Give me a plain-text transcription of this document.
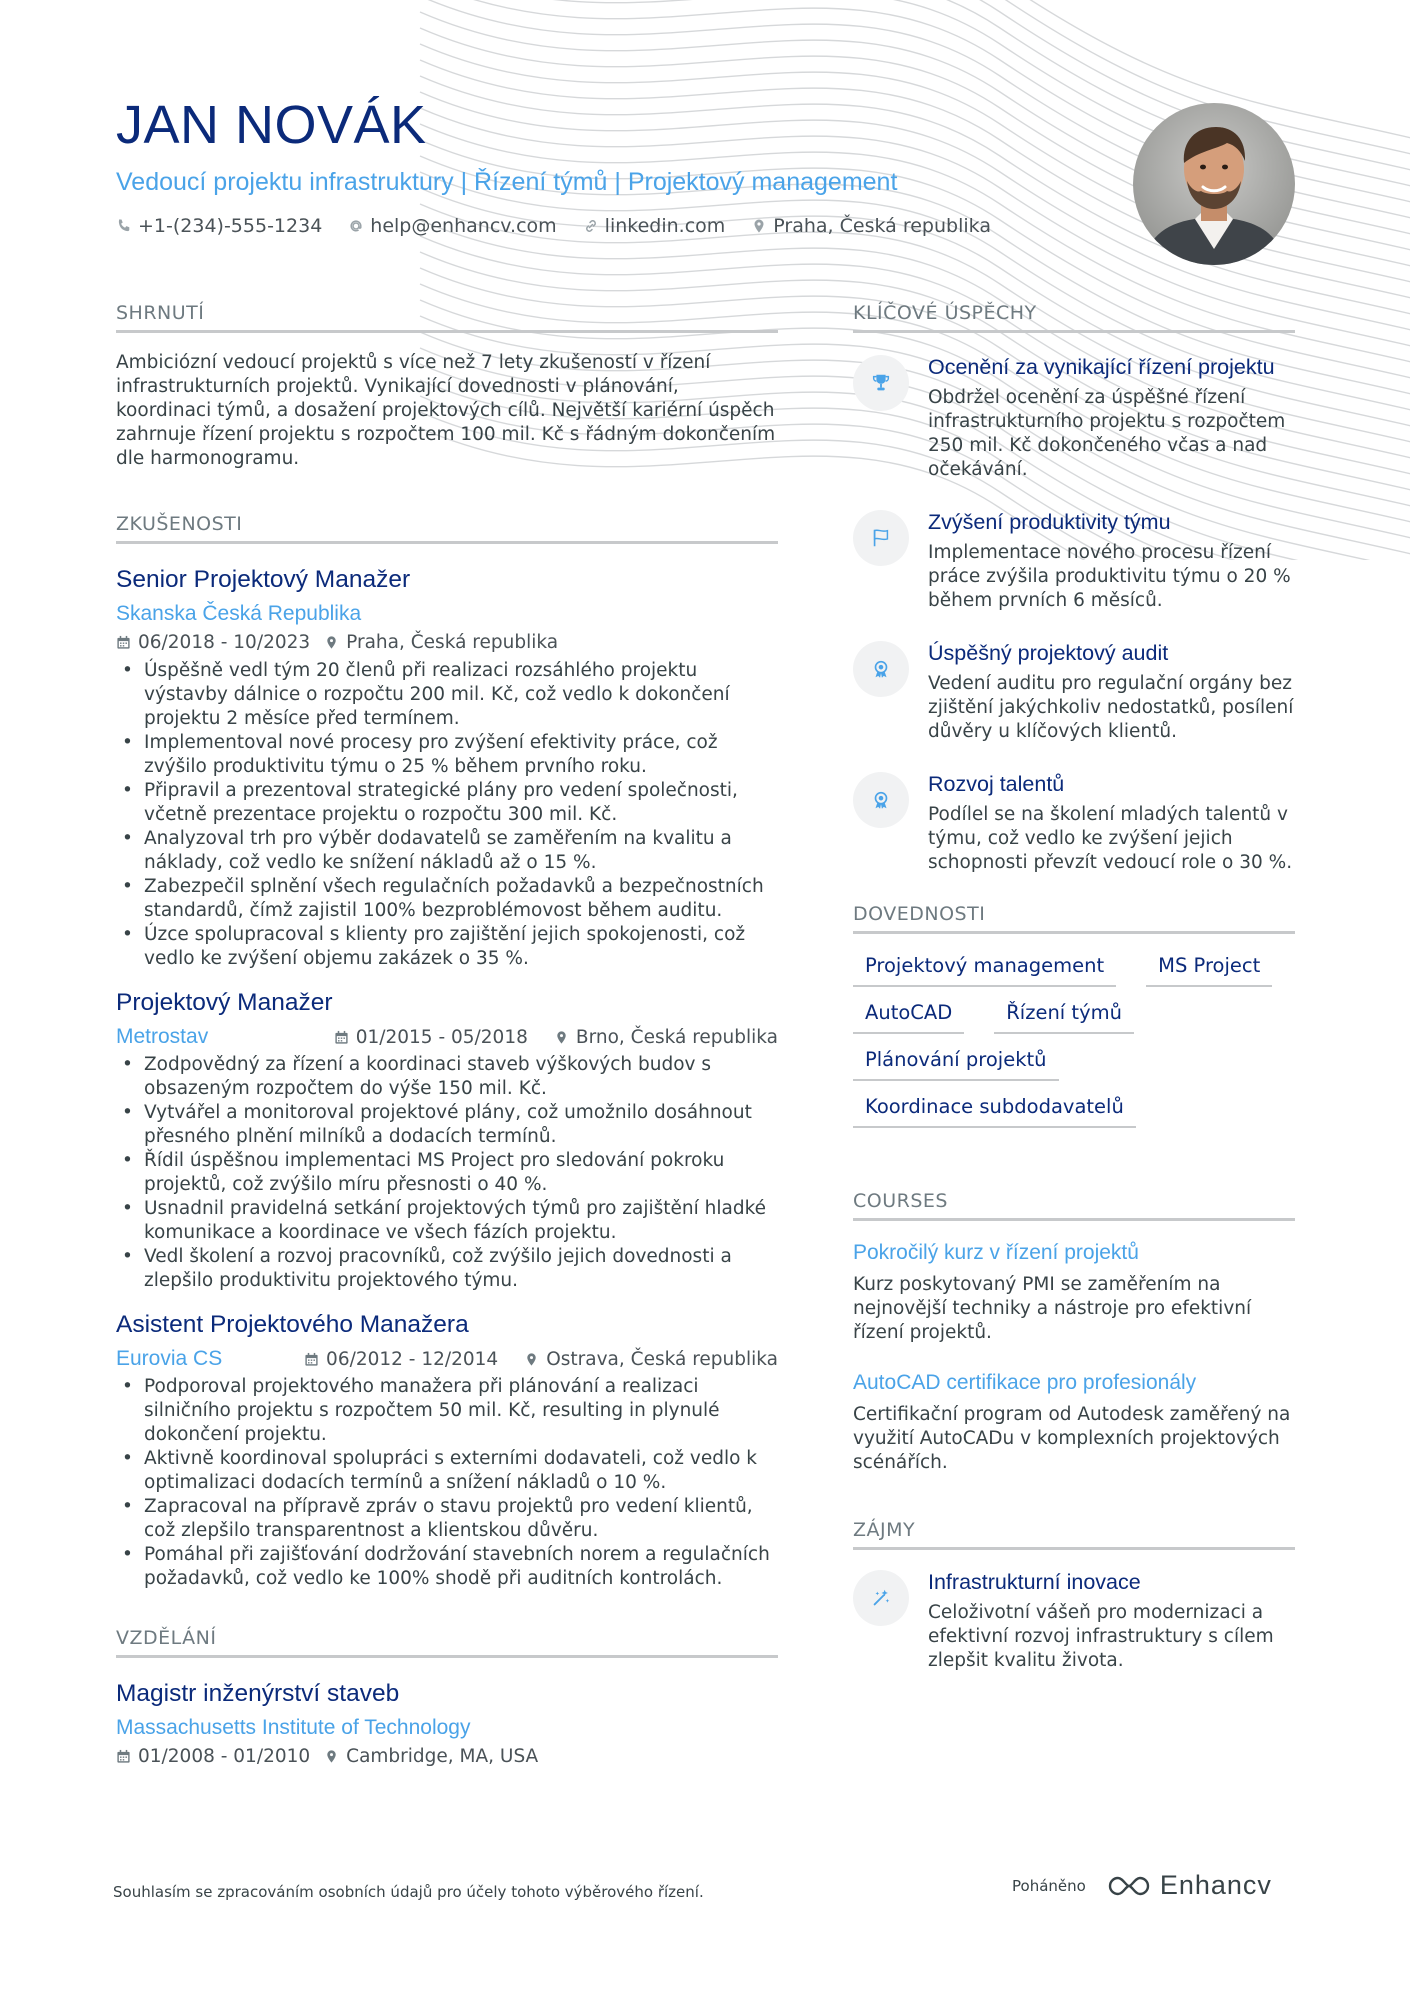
JAN NOVÁK
Vedoucí projektu infrastruktury | Řízení týmů | Projektový management
+1-(234)-555-1234	help@enhancv.com	linkedin.com	Praha, Česká republika
SHRNUTÍ
Ambiciózní vedoucí projektů s více než 7 lety zkušeností v řízení infrastrukturních projektů. Vynikající dovednosti v plánování, koordinaci týmů, a dosažení projektových cílů. Největší kariérní úspěch zahrnuje řízení projektu s rozpočtem 100 mil. Kč s řádným dokončením dle harmonogramu.
ZKUŠENOSTI
Senior Projektový Manažer
Skanska Česká Republika
06/2018 - 10/2023 Praha, Česká republika
• Úspěšně vedl tým 20 členů při realizaci rozsáhlého projektu výstavby dálnice o rozpočtu 200 mil. Kč, což vedlo k dokončení projektu 2 měsíce před termínem.
• Implementoval nové procesy pro zvýšení efektivity práce, což zvýšilo produktivitu týmu o 25 % během prvního roku.
• Připravil a prezentoval strategické plány pro vedení společnosti, včetně prezentace projektu o rozpočtu 300 mil. Kč.
• Analyzoval trh pro výběr dodavatelů se zaměřením na kvalitu a náklady, což vedlo ke snížení nákladů až o 15 %.
• Zabezpečil splnění všech regulačních požadavků a bezpečnostních standardů, čímž zajistil 100% bezproblémovost během auditu.
• Úzce spolupracoval s klienty pro zajištění jejich spokojenosti, což vedlo ke zvýšení objemu zakázek o 35 %.
Projektový Manažer
Metrostav	01/2015 - 05/2018	Brno, Česká republika
• Zodpovědný za řízení a koordinaci staveb výškových budov s obsazeným rozpočtem do výše 150 mil. Kč.
• Vytvářel a monitoroval projektové plány, což umožnilo dosáhnout přesného plnění milníků a dodacích termínů.
• Řídil úspěšnou implementaci MS Project pro sledování pokroku projektů, což zvýšilo míru přesnosti o 40 %.
• Usnadnil pravidelná setkání projektových týmů pro zajištění hladké komunikace a koordinace ve všech fázích projektu.
• Vedl školení a rozvoj pracovníků, což zvýšilo jejich dovednosti a zlepšilo produktivitu projektového týmu.
Asistent Projektového Manažera
Eurovia CS	06/2012 - 12/2014	Ostrava, Česká republika
• Podporoval projektového manažera při plánování a realizaci silničního projektu s rozpočtem 50 mil. Kč, resulting in plynulé dokončení projektu.
• Aktivně koordinoval spolupráci s externími dodavateli, což vedlo k optimalizaci dodacích termínů a snížení nákladů o 10 %.
• Zapracoval na přípravě zpráv o stavu projektů pro vedení klientů, což zlepšilo transparentnost a klientskou důvěru.
• Pomáhal při zajišťování dodržování stavebních norem a regulačních požadavků, což vedlo ke 100% shodě při auditních kontrolách.
VZDĚLÁNÍ
Magistr inženýrství staveb
Massachusetts Institute of Technology
01/2008 - 01/2010 Cambridge, MA, USA
KLÍČOVÉ ÚSPĚCHY
Ocenění za vynikající řízení projektu
Obdržel ocenění za úspěšné řízení infrastrukturního projektu s rozpočtem 250 mil. Kč dokončeného včas a nad očekávání.
Zvýšení produktivity týmu
Implementace nového procesu řízení práce zvýšila produktivitu týmu o 20 % během prvních 6 měsíců.
Úspěšný projektový audit
Vedení auditu pro regulační orgány bez zjištění jakýchkoliv nedostatků, posílení důvěry u klíčových klientů.
Rozvoj talentů
Podílel se na školení mladých talentů v týmu, což vedlo ke zvýšení jejich schopnosti převzít vedoucí role o 30 %.
DOVEDNOSTI
Projektový management	MS Project
AutoCAD	Řízení týmů
Plánování projektů
Koordinace subdodavatelů
COURSES
Pokročilý kurz v řízení projektů
Kurz poskytovaný PMI se zaměřením na nejnovější techniky a nástroje pro efektivní řízení projektů.
AutoCAD certifikace pro profesionály
Certifikační program od Autodesk zaměřený na využití AutoCADu v komplexních projektových scénářích.
ZÁJMY
Infrastrukturní inovace
Celoživotní vášeň pro modernizaci a efektivní rozvoj infrastruktury s cílem zlepšit kvalitu života.
Souhlasím se zpracováním osobních údajů pro účely tohoto výběrového řízení.	Poháněno	Enhancv
